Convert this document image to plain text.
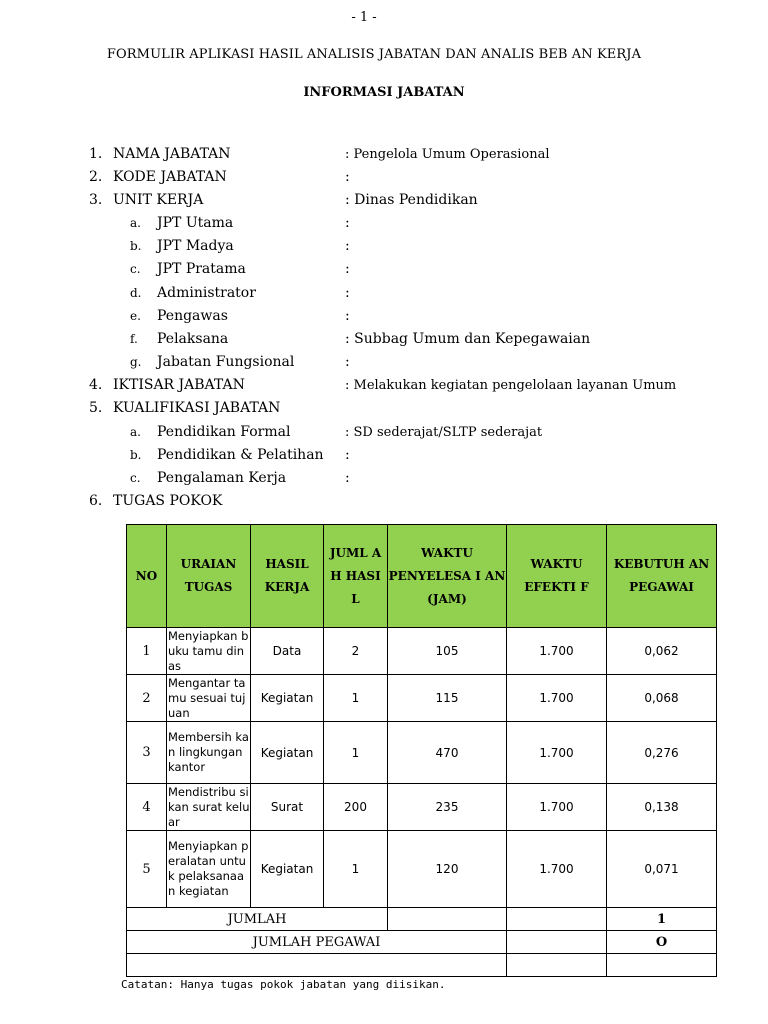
- 1 -
FORMULIR APLIKASI HASIL ANALISIS JABATAN DAN ANALIS BEB AN KERJA
INFORMASI JABATAN
1. NAMA JABATAN	: Pengelola Umum Operasional
2. KODE JABATAN	:
3. UNIT KERJA	: Dinas Pendidikan
a. JPT Utama	:
b. JPT Madya	:
c. JPT Pratama	:
d. Administrator	:
e. Pengawas	:
f. Pelaksana	: Subbag Umum dan Kepegawaian
g. Jabatan Fungsional	:
4. IKTISAR JABATAN	: Melakukan kegiatan pengelolaan layanan Umum
5. KUALIFIKASI JABATAN
a. Pendidikan Formal	: SD sederajat/SLTP sederajat
b. Pendidikan & Pelatihan :
c. Pengalaman Kerja	:
6. TUGAS POKOK
NO	URAIAN TUGAS	HASIL KERJA	JUML A H HASI L	WAKTU PENYELESA I AN (JAM)	WAKTU EFEKTI F	KEBUTUH AN PEGAWAI
1	Menyiapkan buku tamu dinas	Data	2	105	1.700	0,062
2	Mengantar tamu sesuai tujuan	Kegiatan	1	115	1.700	0,068
3	Membersih kan lingkungan kantor	Kegiatan	1	470	1.700	0,276
4	Mendistribu sikan surat keluar	Surat	200	235	1.700	0,138
5	Menyiapkan peralatan untuk pelaksanaa n kegiatan	Kegiatan	1	120	1.700	0,071
JUMLAH						1
JUMLAH PEGAWAI						O

Catatan: Hanya tugas pokok jabatan yang diisikan.
